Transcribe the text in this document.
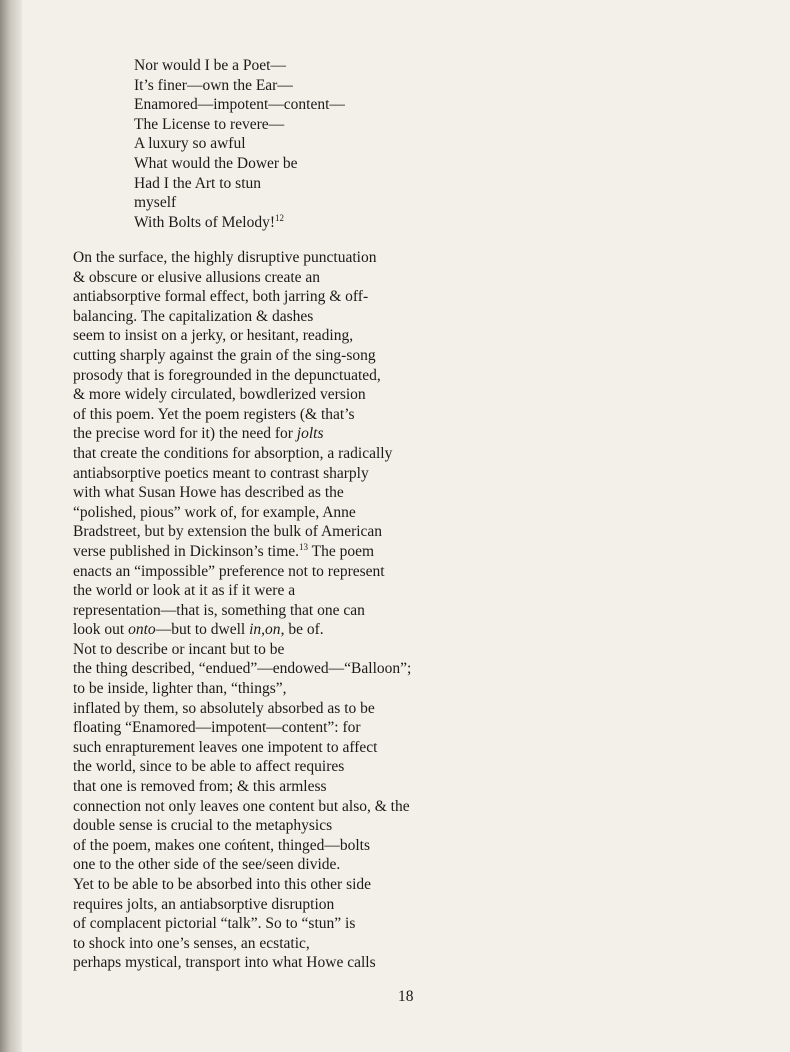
Nor would I be a Poet—
It’s finer—own the Ear—
Enamored—impotent—content—
The License to revere—
A luxury so awful
What would the Dower be
Had I the Art to stun
myself
With Bolts of Melody!$^{12}$
On the surface, the highly disruptive punctuation
& obscure or elusive allusions create an
antiabsorptive formal effect, both jarring & off-
balancing. The capitalization & dashes
seem to insist on a jerky, or hesitant, reading,
cutting sharply against the grain of the sing-song
prosody that is foregrounded in the depunctuated,
& more widely circulated, bowdlerized version
of this poem. Yet the poem registers (& that’s
the precise word for it) the need for jolts
that create the conditions for absorption, a radically
antiabsorptive poetics meant to contrast sharply
with what Susan Howe has described as the
“polished, pious” work of, for example, Anne
Bradstreet, but by extension the bulk of American
verse published in Dickinson’s time.$^{13}$ The poem
enacts an “impossible” preference not to represent
the world or look at it as if it were a
representation—that is, something that one can
look out onto—but to dwell in,on, be of.
Not to describe or incant but to be
the thing described, “endued”—endowed—“Balloon”;
to be inside, lighter than, “things”,
inflated by them, so absolutely absorbed as to be
floating “Enamored—impotent—content”: for
such enrapturement leaves one impotent to affect
the world, since to be able to affect requires
that one is removed from; & this armless
connection not only leaves one content but also, & the
double sense is crucial to the metaphysics
of the poem, makes one cońtent, thinged—bolts
one to the other side of the see/seen divide.
Yet to be able to be absorbed into this other side
requires jolts, an antiabsorptive disruption
of complacent pictorial “talk”. So to “stun” is
to shock into one’s senses, an ecstatic,
perhaps mystical, transport into what Howe calls
18
